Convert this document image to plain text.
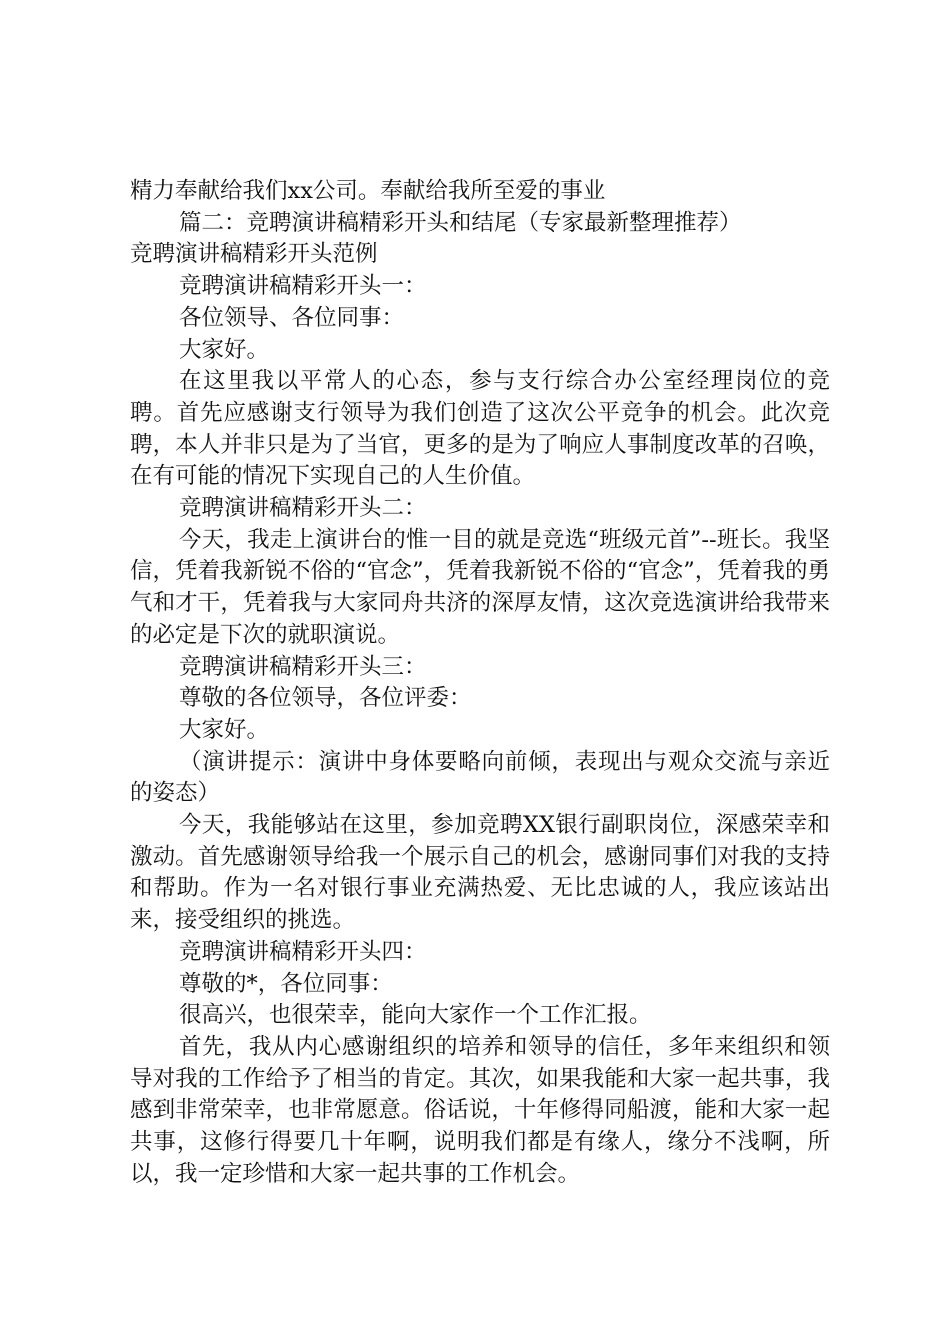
精力奉献给我们xx公司。奉献给我所至爱的事业

篇二：竞聘演讲稿精彩开头和结尾（专家最新整理推荐）

竞聘演讲稿精彩开头范例

竞聘演讲稿精彩开头一：

各位领导、各位同事：

大家好。

在这里我以平常人的心态，参与支行综合办公室经理岗位的竞聘。首先应感谢支行领导为我们创造了这次公平竞争的机会。此次竞聘，本人并非只是为了当官，更多的是为了响应人事制度改革的召唤，在有可能的情况下实现自己的人生价值。

竞聘演讲稿精彩开头二：

今天，我走上演讲台的惟一目的就是竞选“班级元首”--班长。我坚信，凭着我新锐不俗的“官念”，凭着我新锐不俗的“官念”，凭着我的勇气和才干，凭着我与大家同舟共济的深厚友情，这次竞选演讲给我带来的必定是下次的就职演说。

竞聘演讲稿精彩开头三：

尊敬的各位领导，各位评委：

大家好。

（演讲提示：演讲中身体要略向前倾，表现出与观众交流与亲近的姿态）

今天，我能够站在这里，参加竞聘XX银行副职岗位，深感荣幸和激动。首先感谢领导给我一个展示自己的机会，感谢同事们对我的支持和帮助。作为一名对银行事业充满热爱、无比忠诚的人，我应该站出来，接受组织的挑选。

竞聘演讲稿精彩开头四：

尊敬的*，各位同事：

很高兴，也很荣幸，能向大家作一个工作汇报。

首先，我从内心感谢组织的培养和领导的信任，多年来组织和领导对我的工作给予了相当的肯定。其次，如果我能和大家一起共事，我感到非常荣幸，也非常愿意。俗话说，十年修得同船渡，能和大家一起共事，这修行得要几十年啊，说明我们都是有缘人，缘分不浅啊，所以，我一定珍惜和大家一起共事的工作机会。
